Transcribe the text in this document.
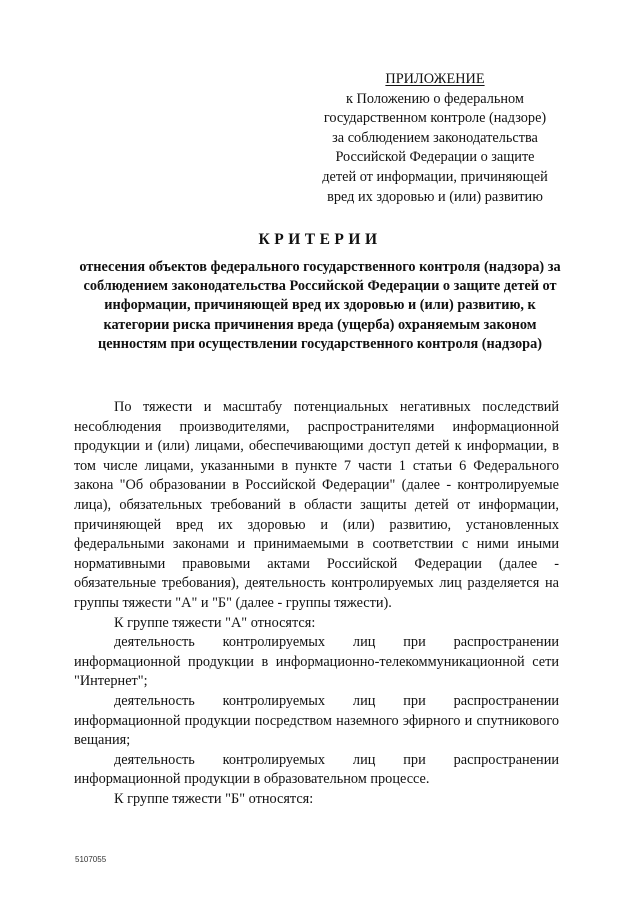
ПРИЛОЖЕНИЕ
к Положению о федеральном
государственном контроле (надзоре)
за соблюдением законодательства
Российской Федерации о защите
детей от информации, причиняющей
вред их здоровью и (или) развитию
КРИТЕРИИ
отнесения объектов федерального государственного контроля (надзора) за соблюдением законодательства Российской Федерации о защите детей от информации, причиняющей вред их здоровью и (или) развитию, к категории риска причинения вреда (ущерба) охраняемым законом ценностям при осуществлении государственного контроля (надзора)

По тяжести и масштабу потенциальных негативных последствий несоблюдения производителями, распространителями информационной продукции и (или) лицами, обеспечивающими доступ детей к информации, в том числе лицами, указанными в пункте 7 части 1 статьи 6 Федерального закона "Об образовании в Российской Федерации" (далее - контролируемые лица), обязательных требований в области защиты детей от информации, причиняющей вред их здоровью и (или) развитию, установленных федеральными законами и принимаемыми в соответствии с ними иными нормативными правовыми актами Российской Федерации (далее - обязательные требования), деятельность контролируемых лиц разделяется на группы тяжести "А" и "Б" (далее - группы тяжести).

К группе тяжести "А" относятся:

деятельность контролируемых лиц при распространении информационной продукции в информационно-телекоммуникационной сети "Интернет";

деятельность контролируемых лиц при распространении информационной продукции посредством наземного эфирного и спутникового вещания;

деятельность контролируемых лиц при распространении информационной продукции в образовательном процессе.

К группе тяжести "Б" относятся:

5107055
